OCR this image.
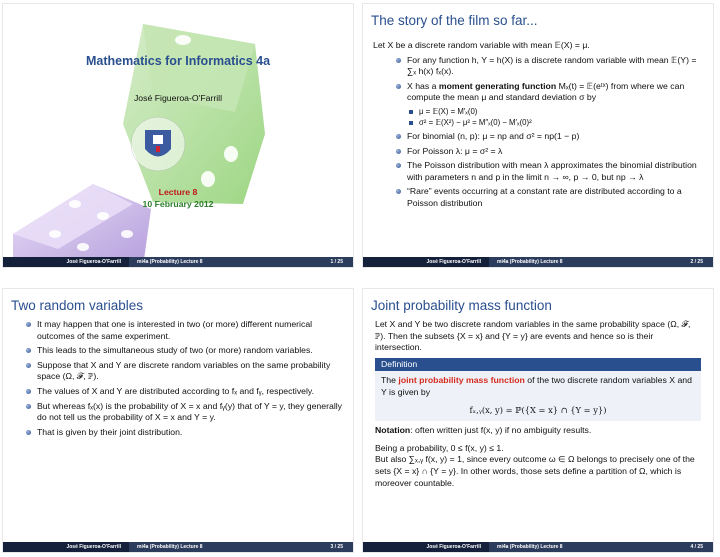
Mathematics for Informatics 4a
José Figueroa-O'Farrill
Lecture 8
10 February 2012
José Figueroa-O'Farrill	mi4a (Probability) Lecture 8	1 / 25
The story of the film so far...
Let X be a discrete random variable with mean 𝔼(X) = μ.
For any function h, Y = h(X) is a discrete random variable with mean 𝔼(Y) = ∑ₓ h(x) fₓ(x).
X has a moment generating function Mₓ(t) = 𝔼(eᵗˣ) from where we can compute the mean μ and standard deviation σ by
μ = 𝔼(X) = M′ₓ(0)
σ² = 𝔼(X²) − μ² = M″ₓ(0) − M′ₓ(0)²
For binomial (n, p): μ = np and σ² = np(1 − p)
For Poisson λ: μ = σ² = λ
The Poisson distribution with mean λ approximates the binomial distribution with parameters n and p in the limit n → ∞, p → 0, but np → λ
“Rare” events occurring at a constant rate are distributed according to a Poisson distribution
José Figueroa-O'Farrill	mi4a (Probability) Lecture 8	2 / 25
Two random variables
It may happen that one is interested in two (or more) different numerical outcomes of the same experiment.
This leads to the simultaneous study of two (or more) random variables.
Suppose that X and Y are discrete random variables on the same probability space (Ω, 𝓕, ℙ).
The values of X and Y are distributed according to fₓ and fᵧ, respectively.
But whereas fₓ(x) is the probability of X = x and fᵧ(y) that of Y = y, they generally do not tell us the probability of X = x and Y = y.
That is given by their joint distribution.
José Figueroa-O'Farrill	mi4a (Probability) Lecture 8	3 / 25
Joint probability mass function
Let X and Y be two discrete random variables in the same probability space (Ω, 𝓕, ℙ). Then the subsets {X = x} and {Y = y} are events and hence so is their intersection.
Definition
The joint probability mass function of the two discrete random variables X and Y is given by
fₓ,ᵧ(x, y) = ℙ({X = x} ∩ {Y = y})
Notation: often written just f(x, y) if no ambiguity results.
Being a probability, 0 ≤ f(x, y) ≤ 1.
But also ∑ₓ,ᵧ f(x, y) = 1, since every outcome ω ∈ Ω belongs to precisely one of the sets {X = x} ∩ {Y = y}. In other words, those sets define a partition of Ω, which is moreover countable.
José Figueroa-O'Farrill	mi4a (Probability) Lecture 8	4 / 25
